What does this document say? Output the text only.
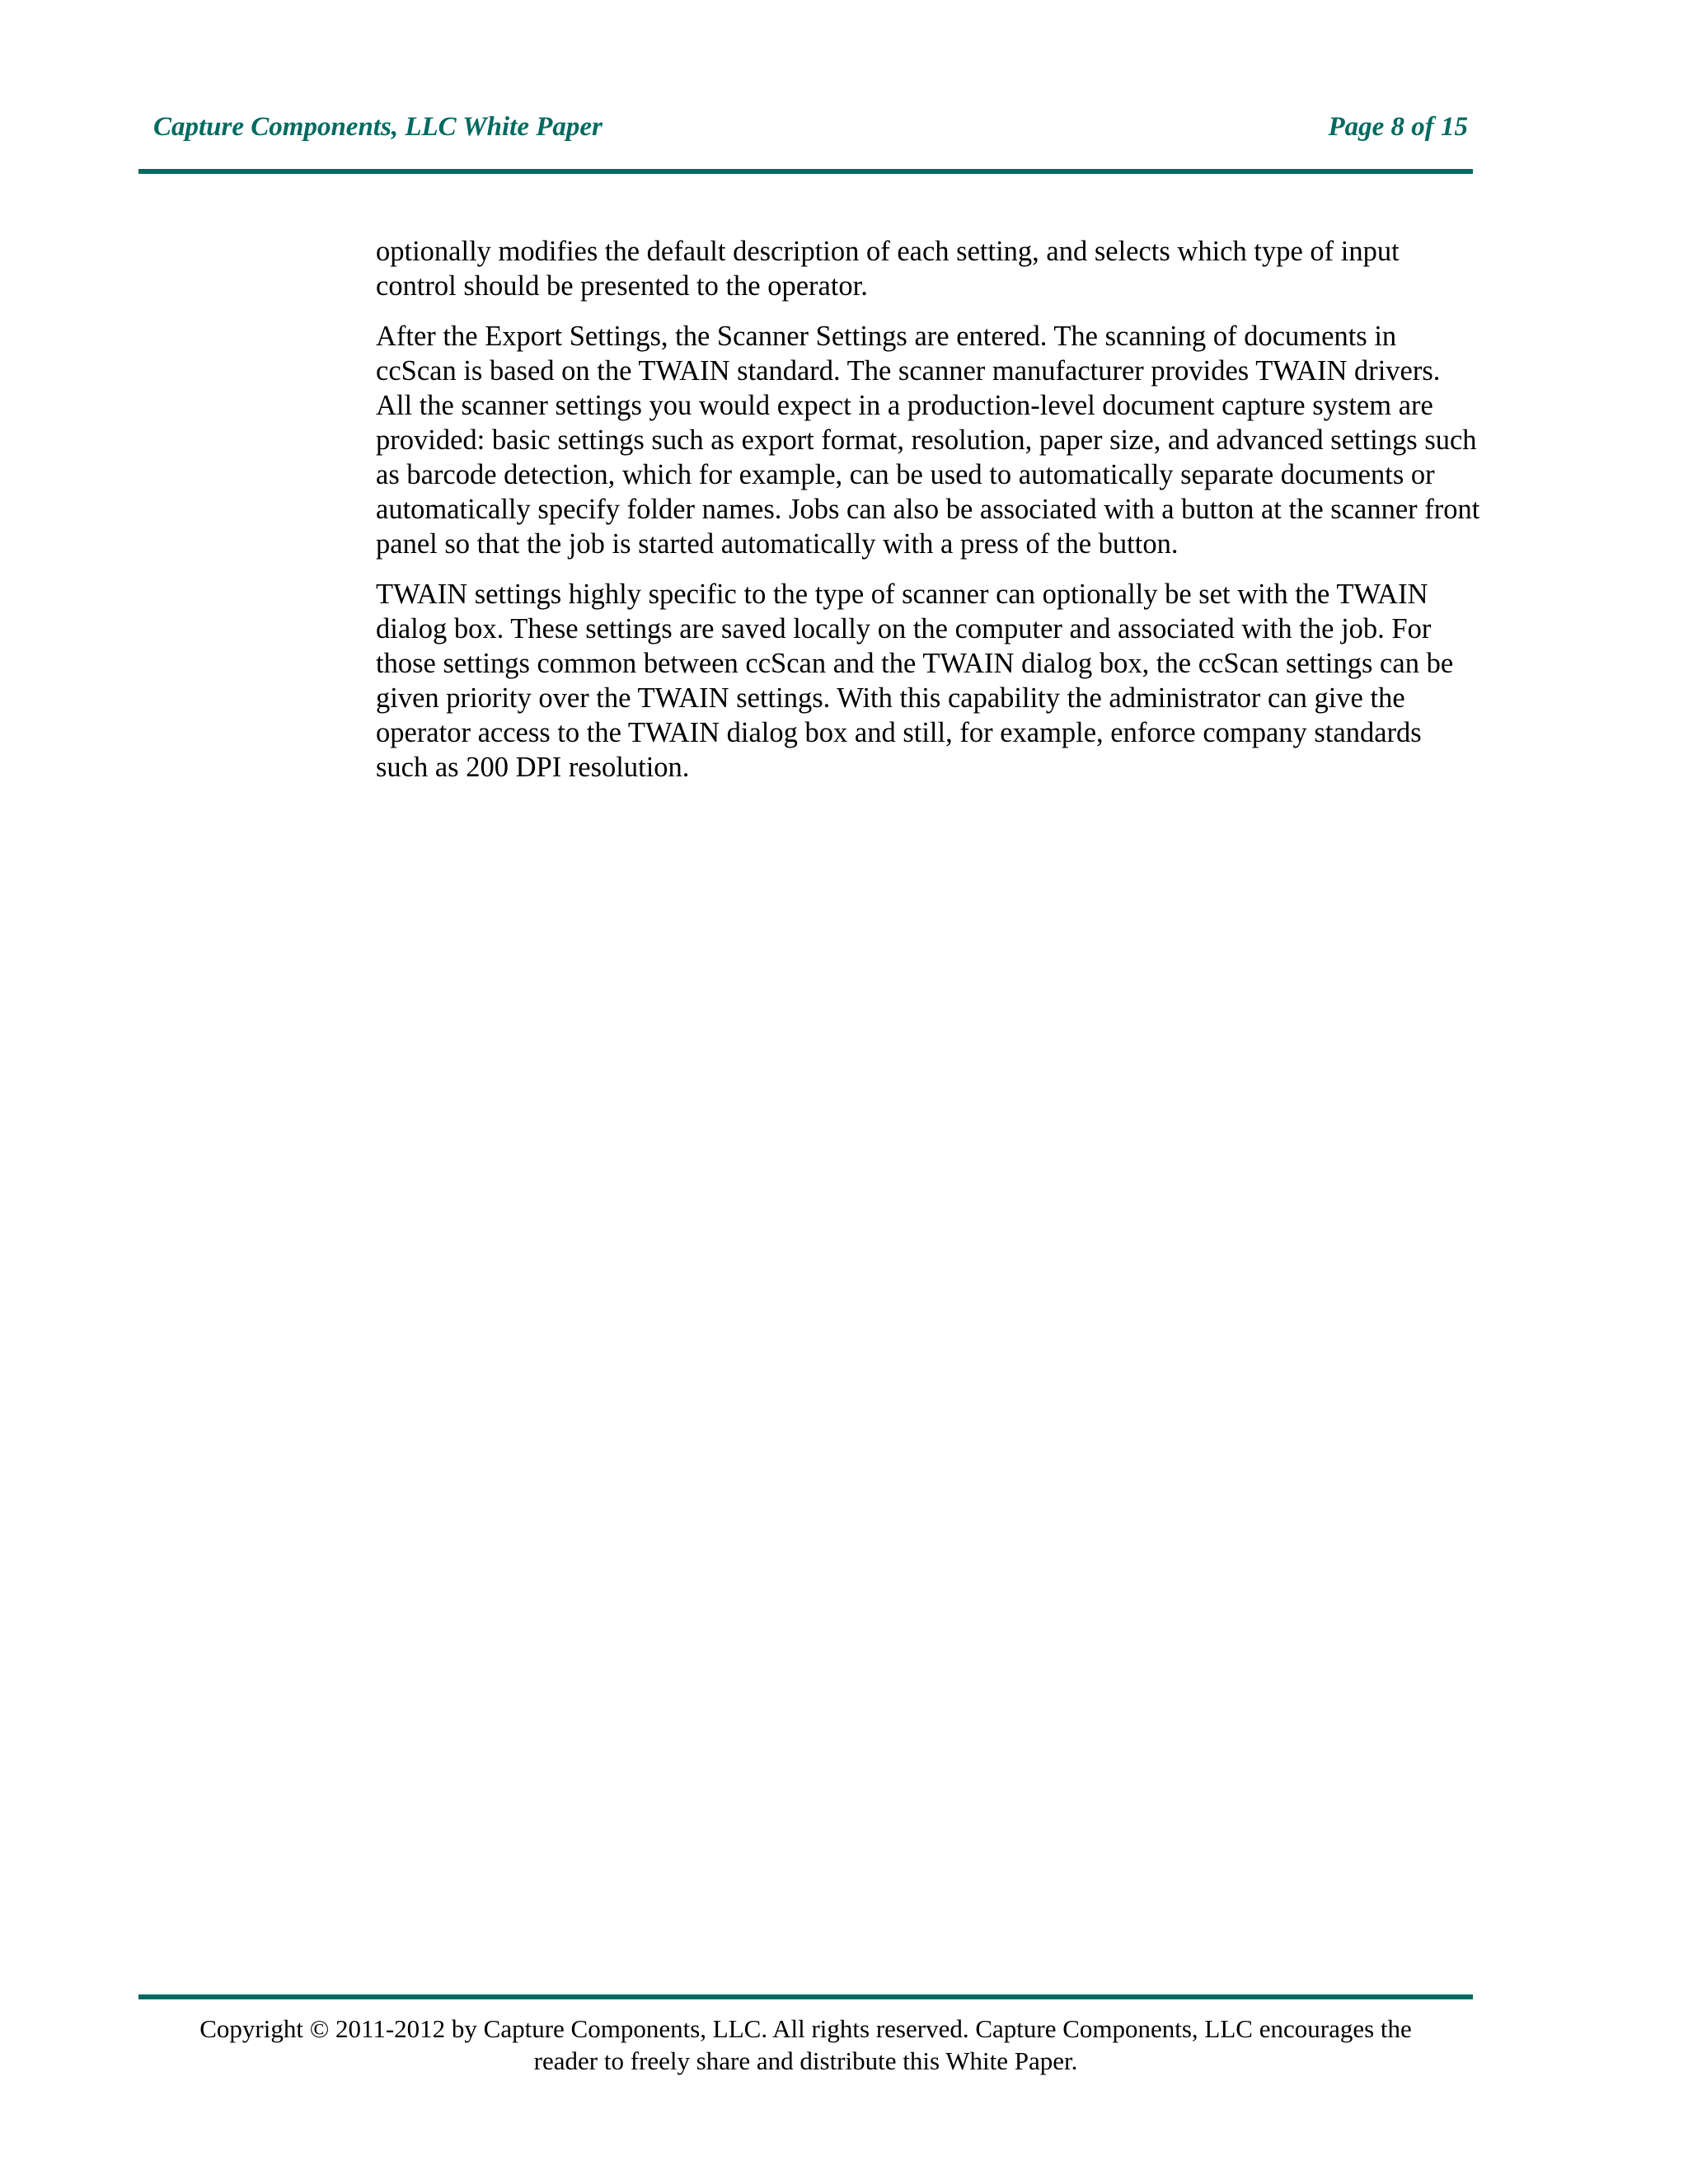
Capture Components, LLC White Paper	Page 8 of 15

optionally modifies the default description of each setting, and selects which type of input control should be presented to the operator.

After the Export Settings, the Scanner Settings are entered. The scanning of documents in ccScan is based on the TWAIN standard. The scanner manufacturer provides TWAIN drivers. All the scanner settings you would expect in a production-level document capture system are provided: basic settings such as export format, resolution, paper size, and advanced settings such as barcode detection, which for example, can be used to automatically separate documents or automatically specify folder names. Jobs can also be associated with a button at the scanner front panel so that the job is started automatically with a press of the button.

TWAIN settings highly specific to the type of scanner can optionally be set with the TWAIN dialog box. These settings are saved locally on the computer and associated with the job. For those settings common between ccScan and the TWAIN dialog box, the ccScan settings can be given priority over the TWAIN settings. With this capability the administrator can give the operator access to the TWAIN dialog box and still, for example, enforce company standards such as 200 DPI resolution.

Copyright © 2011-2012 by Capture Components, LLC. All rights reserved. Capture Components, LLC encourages the
reader to freely share and distribute this White Paper.
